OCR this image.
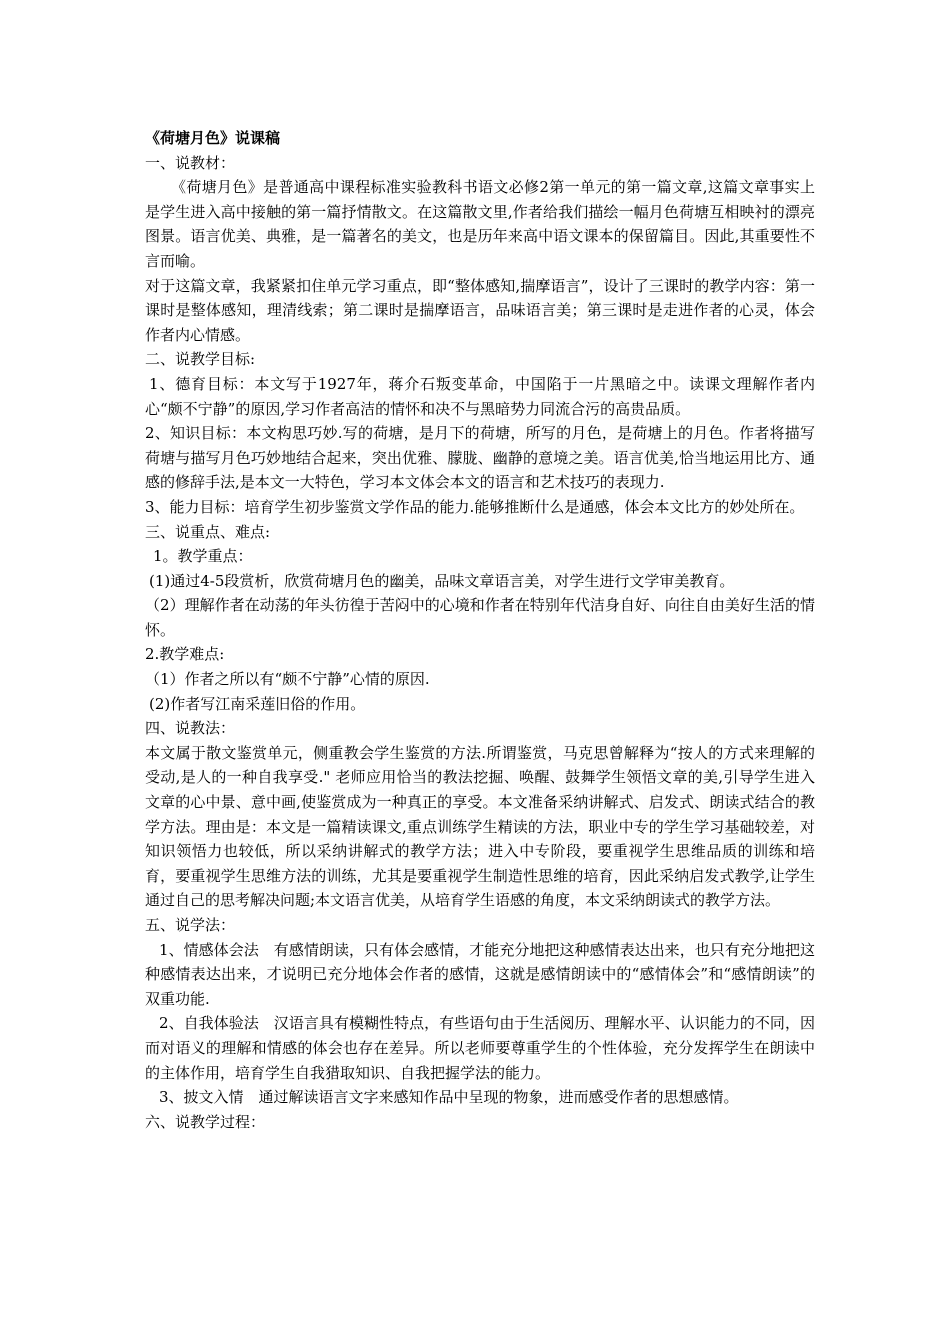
《荷塘月色》说课稿

一、说教材：

《荷塘月色》是普通高中课程标准实验教科书语文必修2第一单元的第一篇文章,这篇文章事实上是学生进入高中接触的第一篇抒情散文。在这篇散文里,作者给我们描绘一幅月色荷塘互相映衬的漂亮图景。语言优美、典雅，是一篇著名的美文，也是历年来高中语文课本的保留篇目。因此,其重要性不言而喻。

对于这篇文章，我紧紧扣住单元学习重点，即“整体感知,揣摩语言”，设计了三课时的教学内容：第一课时是整体感知，理清线索；第二课时是揣摩语言，品味语言美；第三课时是走进作者的心灵，体会作者内心情感。

二、说教学目标:

1、德育目标：本文写于1927年，蒋介石叛变革命，中国陷于一片黑暗之中。读课文理解作者内心“颇不宁静”的原因,学习作者高洁的情怀和决不与黑暗势力同流合污的高贵品质。

2、知识目标：本文构思巧妙.写的荷塘，是月下的荷塘，所写的月色，是荷塘上的月色。作者将描写荷塘与描写月色巧妙地结合起来，突出优雅、朦胧、幽静的意境之美。语言优美,恰当地运用比方、通感的修辞手法,是本文一大特色，学习本文体会本文的语言和艺术技巧的表现力.

3、能力目标：培育学生初步鉴赏文学作品的能力.能够推断什么是通感，体会本文比方的妙处所在。

三、说重点、难点:

1。教学重点：

(1)通过4-5段赏析，欣赏荷塘月色的幽美，品味文章语言美，对学生进行文学审美教育。

（2）理解作者在动荡的年头彷徨于苦闷中的心境和作者在特别年代洁身自好、向往自由美好生活的情怀。

2.教学难点:

（1）作者之所以有“颇不宁静”心情的原因.

(2)作者写江南采莲旧俗的作用。

四、说教法：

本文属于散文鉴赏单元，侧重教会学生鉴赏的方法.所谓鉴赏，马克思曾解释为“按人的方式来理解的受动,是人的一种自我享受." 老师应用恰当的教法挖掘、唤醒、鼓舞学生领悟文章的美,引导学生进入文章的心中景、意中画,使鉴赏成为一种真正的享受。本文准备采纳讲解式、启发式、朗读式结合的教学方法。理由是：本文是一篇精读课文,重点训练学生精读的方法，职业中专的学生学习基础较差，对知识领悟力也较低，所以采纳讲解式的教学方法；进入中专阶段，要重视学生思维品质的训练和培育，要重视学生思维方法的训练，尤其是要重视学生制造性思维的培育，因此采纳启发式教学,让学生通过自己的思考解决问题;本文语言优美，从培育学生语感的角度，本文采纳朗读式的教学方法。

五、说学法：

1、情感体会法　有感情朗读，只有体会感情，才能充分地把这种感情表达出来，也只有充分地把这种感情表达出来，才说明已充分地体会作者的感情，这就是感情朗读中的“感情体会”和“感情朗读”的双重功能.

2、自我体验法　汉语言具有模糊性特点，有些语句由于生活阅历、理解水平、认识能力的不同，因而对语义的理解和情感的体会也存在差异。所以老师要尊重学生的个性体验，充分发挥学生在朗读中的主体作用，培育学生自我猎取知识、自我把握学法的能力。

3、披文入情　通过解读语言文字来感知作品中呈现的物象，进而感受作者的思想感情。

六、说教学过程：
